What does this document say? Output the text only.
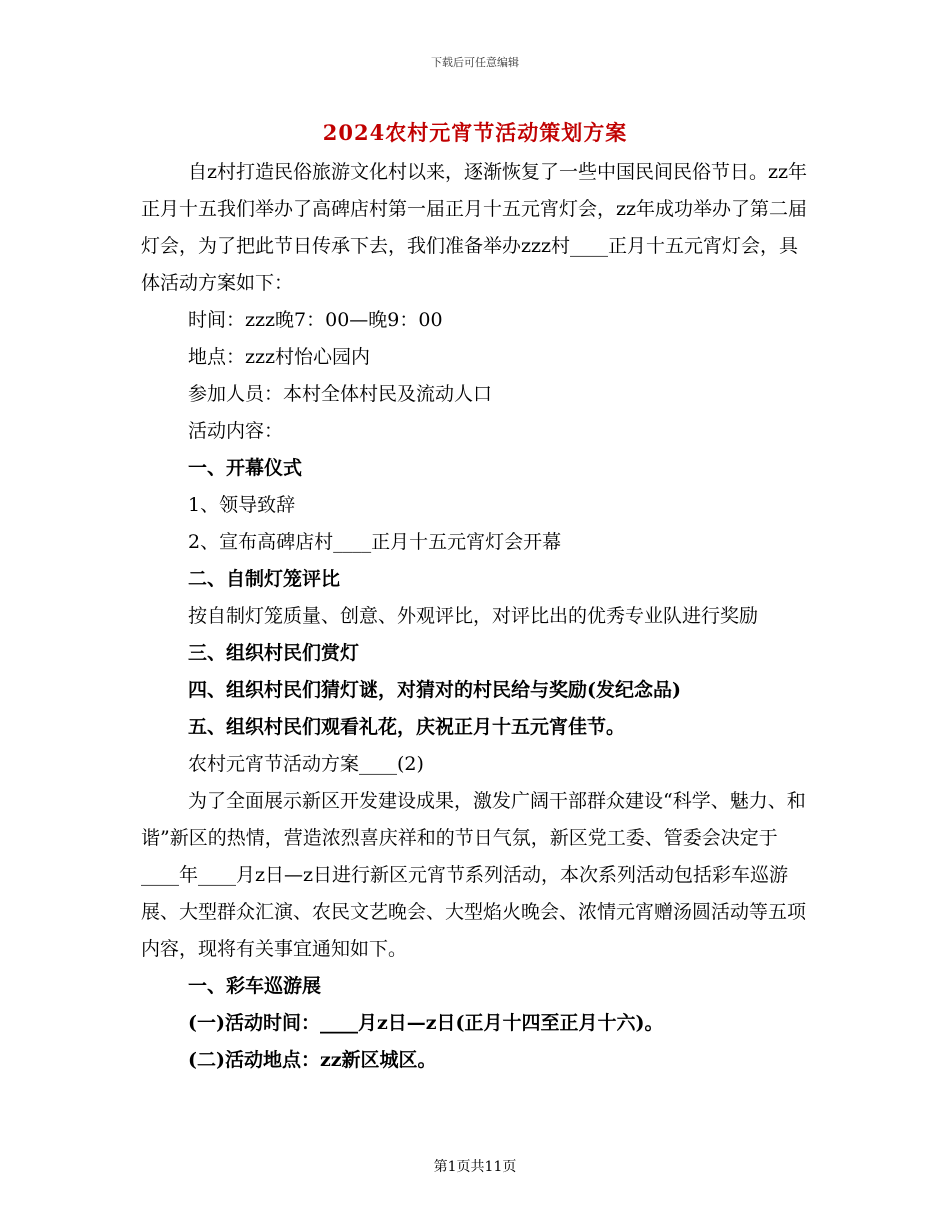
下载后可任意编辑
2024农村元宵节活动策划方案

自z村打造民俗旅游文化村以来，逐渐恢复了一些中国民间民俗节日。zz年正月十五我们举办了高碑店村第一届正月十五元宵灯会，zz年成功举办了第二届灯会，为了把此节日传承下去，我们准备举办zzz村____正月十五元宵灯会，具体活动方案如下：

时间：zzz晚7：00—晚9：00

地点：zzz村怡心园内

参加人员：本村全体村民及流动人口

活动内容：

一、开幕仪式

1、领导致辞

2、宣布高碑店村____正月十五元宵灯会开幕

二、自制灯笼评比

按自制灯笼质量、创意、外观评比，对评比出的优秀专业队进行奖励

三、组织村民们赏灯

四、组织村民们猜灯谜，对猜对的村民给与奖励(发纪念品)

五、组织村民们观看礼花，庆祝正月十五元宵佳节。

农村元宵节活动方案____(2)

为了全面展示新区开发建设成果，激发广阔干部群众建设“科学、魅力、和谐”新区的热情，营造浓烈喜庆祥和的节日气氛，新区党工委、管委会决定于____年____月z日—z日进行新区元宵节系列活动，本次系列活动包括彩车巡游展、大型群众汇演、农民文艺晚会、大型焰火晚会、浓情元宵赠汤圆活动等五项内容，现将有关事宜通知如下。

一、彩车巡游展

(一)活动时间：____月z日—z日(正月十四至正月十六)。

(二)活动地点：zz新区城区。

第1页共11页
